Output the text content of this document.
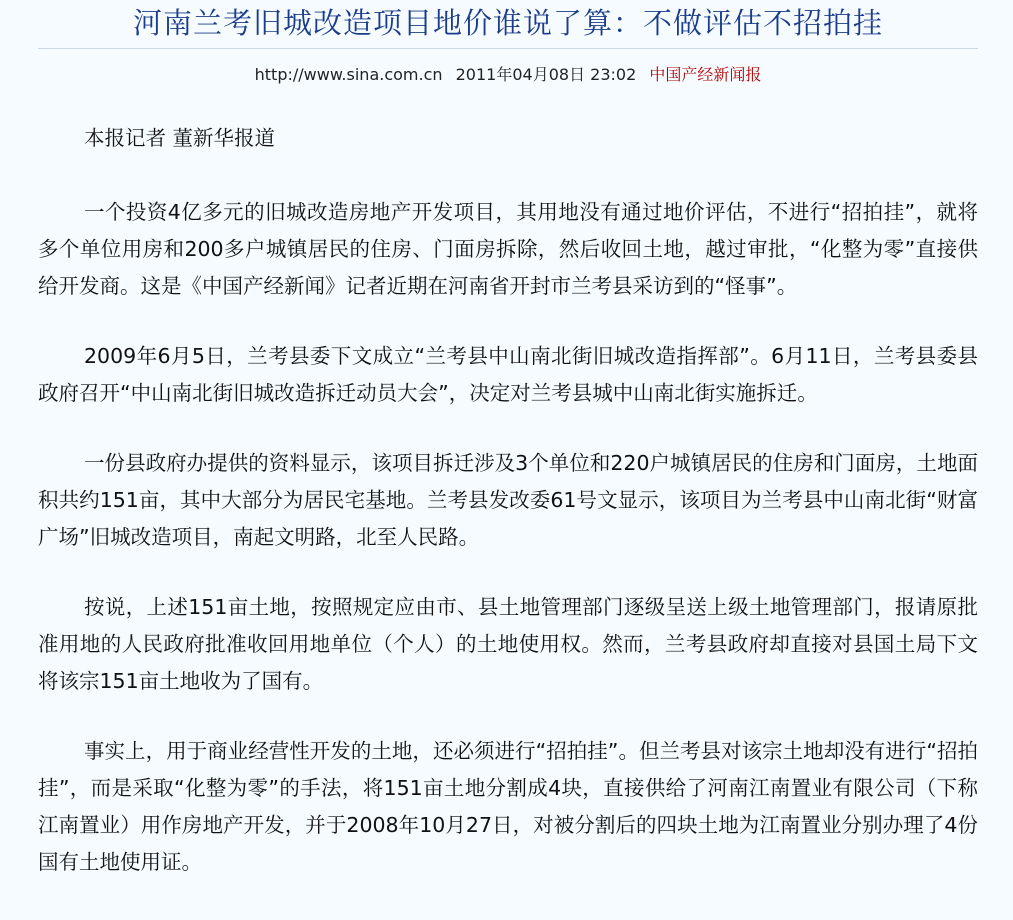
河南兰考旧城改造项目地价谁说了算：不做评估不招拍挂
http://www.sina.com.cn 2011年04月08日 23:02 中国产经新闻报

本报记者 董新华报道

一个投资4亿多元的旧城改造房地产开发项目，其用地没有通过地价评估，不进行“招拍挂”，就将多个单位用房和200多户城镇居民的住房、门面房拆除，然后收回土地，越过审批，“化整为零”直接供给开发商。这是《中国产经新闻》记者近期在河南省开封市兰考县采访到的“怪事”。

2009年6月5日，兰考县委下文成立“兰考县中山南北街旧城改造指挥部”。6月11日，兰考县委县政府召开“中山南北街旧城改造拆迁动员大会”，决定对兰考县城中山南北街实施拆迁。

一份县政府办提供的资料显示，该项目拆迁涉及3个单位和220户城镇居民的住房和门面房，土地面积共约151亩，其中大部分为居民宅基地。兰考县发改委61号文显示，该项目为兰考县中山南北街“财富广场”旧城改造项目，南起文明路，北至人民路。

按说，上述151亩土地，按照规定应由市、县土地管理部门逐级呈送上级土地管理部门，报请原批准用地的人民政府批准收回用地单位（个人）的土地使用权。然而，兰考县政府却直接对县国土局下文将该宗151亩土地收为了国有。

事实上，用于商业经营性开发的土地，还必须进行“招拍挂”。但兰考县对该宗土地却没有进行“招拍挂”，而是采取“化整为零”的手法，将151亩土地分割成4块，直接供给了河南江南置业有限公司（下称江南置业）用作房地产开发，并于2008年10月27日，对被分割后的四块土地为江南置业分别办理了4份国有土地使用证。
